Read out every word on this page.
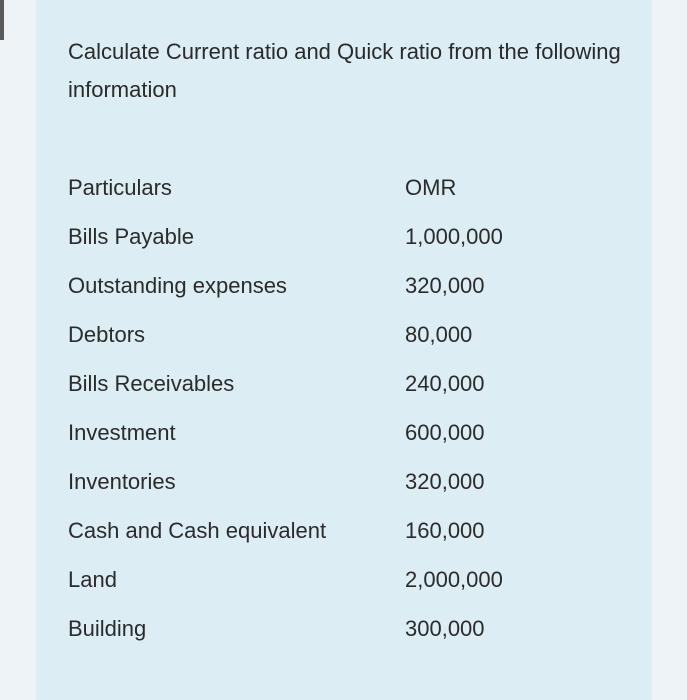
Calculate Current ratio and Quick ratio from the following information

Particulars	OMR
Bills Payable	1,000,000
Outstanding expenses	320,000
Debtors	80,000
Bills Receivables	240,000
Investment	600,000
Inventories	320,000
Cash and Cash equivalent	160,000
Land	2,000,000
Building	300,000
